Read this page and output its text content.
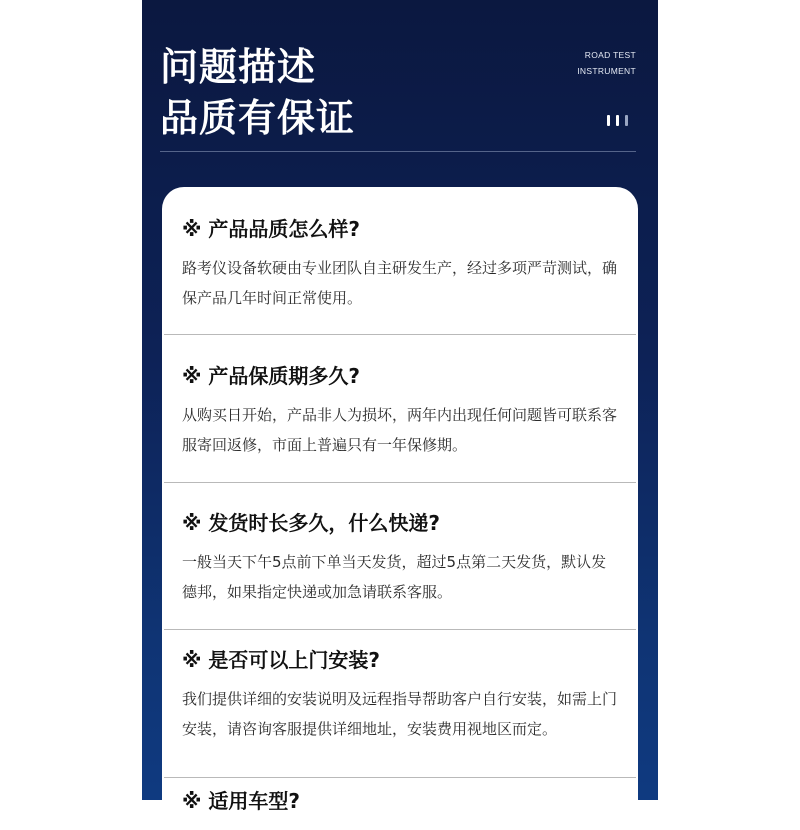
问题描述
品质有保证
ROAD TEST
INSTRUMENT

※ 产品品质怎么样?

路考仪设备软硬由专业团队自主研发生产，经过多项严苛测试，确保产品几年时间正常使用。

※ 产品保质期多久?

从购买日开始，产品非人为损坏，两年内出现任何问题皆可联系客服寄回返修，市面上普遍只有一年保修期。

※ 发货时长多久，什么快递?

一般当天下午5点前下单当天发货，超过5点第二天发货，默认发德邦，如果指定快递或加急请联系客服。

※ 是否可以上门安装?

我们提供详细的安装说明及远程指导帮助客户自行安装，如需上门安装，请咨询客服提供详细地址，安装费用视地区而定。

※ 适用车型?
